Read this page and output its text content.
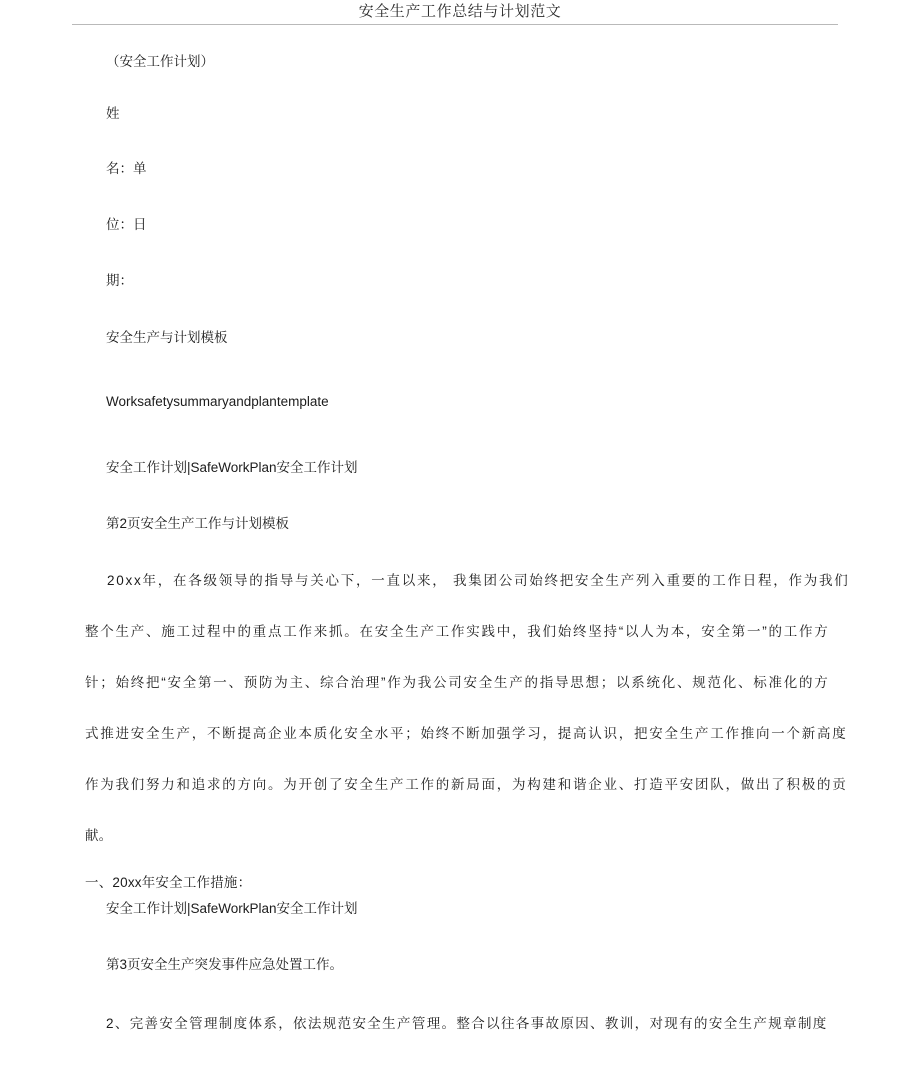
安全生产工作总结与计划范文
（安全工作计划）
姓
名：单
位：日
期：
安全生产与计划模板
Worksafetysummaryandplantemplate
安全工作计划|SafeWorkPlan安全工作计划
第2页安全生产工作与计划模板
20xx年，在各级领导的指导与关心下，一直以来， 我集团公司始终把安全生产列入重要的工作日程，作为我们
整个生产、施工过程中的重点工作来抓。在安全生产工作实践中，我们始终坚持“以人为本，安全第一”的工作方
针；始终把“安全第一、预防为主、综合治理”作为我公司安全生产的指导思想；以系统化、规范化、标准化的方
式推进安全生产，不断提高企业本质化安全水平；始终不断加强学习，提高认识，把安全生产工作推向一个新高度
作为我们努力和追求的方向。为开创了安全生产工作的新局面，为构建和谐企业、打造平安团队，做出了积极的贡
献。
一、20xx年安全工作措施：
安全工作计划|SafeWorkPlan安全工作计划
第3页安全生产突发事件应急处置工作。
2、完善安全管理制度体系，依法规范安全生产管理。整合以往各事故原因、教训，对现有的安全生产规章制度
